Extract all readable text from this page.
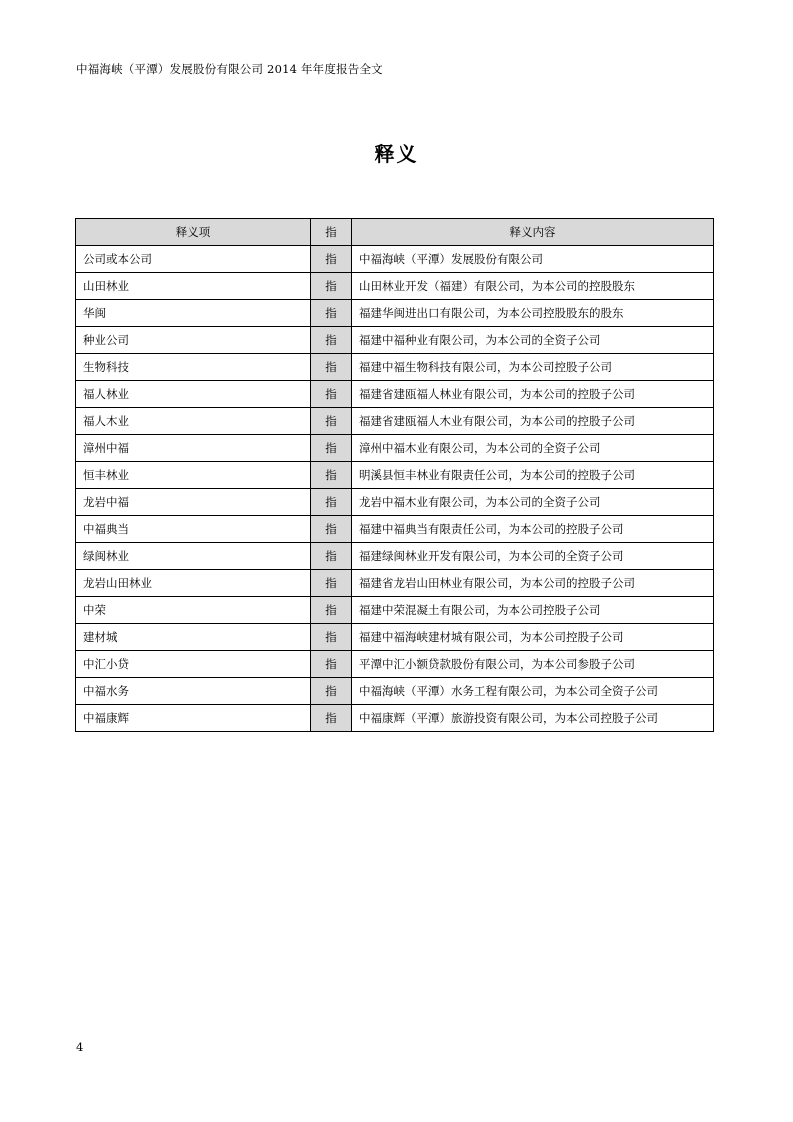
中福海峡（平潭）发展股份有限公司 2014 年年度报告全文
释义
释义项	指	释义内容
公司或本公司	指	中福海峡（平潭）发展股份有限公司
山田林业	指	山田林业开发（福建）有限公司，为本公司的控股股东
华闽	指	福建华闽进出口有限公司，为本公司控股股东的股东
种业公司	指	福建中福种业有限公司，为本公司的全资子公司
生物科技	指	福建中福生物科技有限公司，为本公司控股子公司
福人林业	指	福建省建瓯福人林业有限公司，为本公司的控股子公司
福人木业	指	福建省建瓯福人木业有限公司，为本公司的控股子公司
漳州中福	指	漳州中福木业有限公司，为本公司的全资子公司
恒丰林业	指	明溪县恒丰林业有限责任公司，为本公司的控股子公司
龙岩中福	指	龙岩中福木业有限公司，为本公司的全资子公司
中福典当	指	福建中福典当有限责任公司，为本公司的控股子公司
绿闽林业	指	福建绿闽林业开发有限公司，为本公司的全资子公司
龙岩山田林业	指	福建省龙岩山田林业有限公司，为本公司的控股子公司
中荣	指	福建中荣混凝土有限公司，为本公司控股子公司
建材城	指	福建中福海峡建材城有限公司，为本公司控股子公司
中汇小贷	指	平潭中汇小额贷款股份有限公司，为本公司参股子公司
中福水务	指	中福海峡（平潭）水务工程有限公司，为本公司全资子公司
中福康辉	指	中福康辉（平潭）旅游投资有限公司，为本公司控股子公司
4
